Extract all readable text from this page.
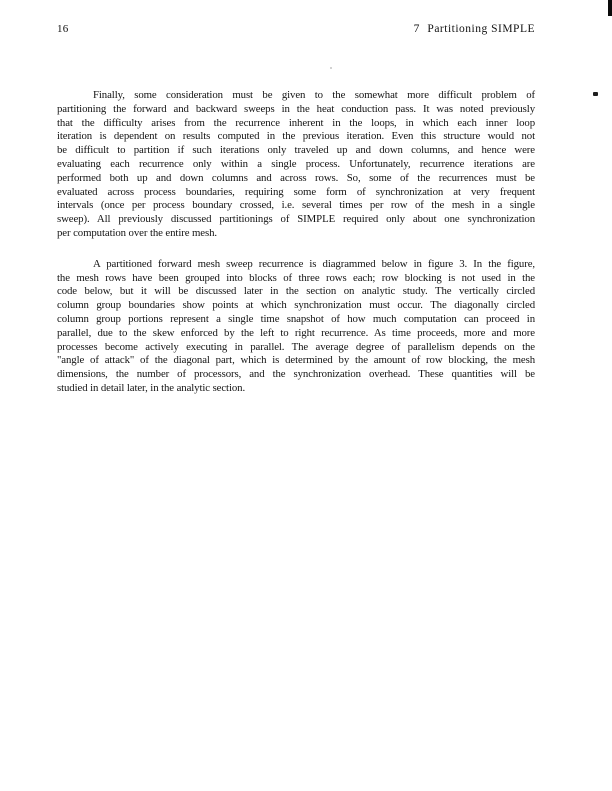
16	7 Partitioning SIMPLE
Finally, some consideration must be given to the somewhat more difficult problem of
partitioning the forward and backward sweeps in the heat conduction pass. It was noted previously
that the difficulty arises from the recurrence inherent in the loops, in which each inner loop
iteration is dependent on results computed in the previous iteration. Even this structure would not
be difficult to partition if such iterations only traveled up and down columns, and hence were
evaluating each recurrence only within a single process. Unfortunately, recurrence iterations are
performed both up and down columns and across rows. So, some of the recurrences must be
evaluated across process boundaries, requiring some form of synchronization at very frequent
intervals (once per process boundary crossed, i.e. several times per row of the mesh in a single
sweep). All previously discussed partitionings of SIMPLE required only about one synchronization
per computation over the entire mesh.
A partitioned forward mesh sweep recurrence is diagrammed below in figure 3. In the figure,
the mesh rows have been grouped into blocks of three rows each; row blocking is not used in the
code below, but it will be discussed later in the section on analytic study. The vertically circled
column group boundaries show points at which synchronization must occur. The diagonally circled
column group portions represent a single time snapshot of how much computation can proceed in
parallel, due to the skew enforced by the left to right recurrence. As time proceeds, more and more
processes become actively executing in parallel. The average degree of parallelism depends on the
"angle of attack" of the diagonal part, which is determined by the amount of row blocking, the mesh
dimensions, the number of processors, and the synchronization overhead. These quantities will be
studied in detail later, in the analytic section.
